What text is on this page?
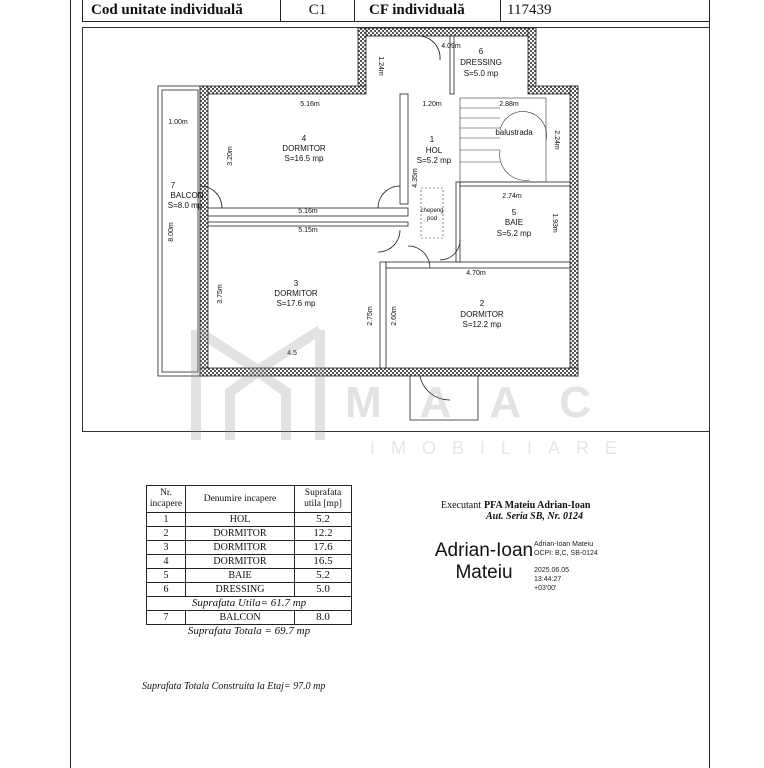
Cod unitate individuală	C1	CF individuală	117439
6
DRESSING
S=5.0 mp
4
DORMITOR
S=16.5 mp
1
HOL
S=5.2 mp
7
BALCON
S=8.0 mp
5
BAIE
S=5.2 mp
3
DORMITOR
S=17.6 mp	2
DORMITOR
S=12.2 mp
balustrada
chepeng
pod
4.09m
1.24m
5.16m	1.20m	2.88m
1.00m
3.20m
4.35m
2.24m
2.74m
5.16m
5.15m	1.93m
8.00m
4.70m
3.75m
2.75m 2.60m
4.5
MAAC
IMOBILIARE
Nr. incapere	Denumire incapere	Suprafata utila [mp]
1	HOL	5.2
2	DORMITOR	12.2
3	DORMITOR	17.6
4	DORMITOR	16.5
5	BAIE	5.2
6	DRESSING	5.0
Suprafata Utila= 61.7 mp		
7	BALCON	8.0
Suprafata Totala = 69.7 mp		
Suprafata Totala Construita la Etaj= 97.0 mp
Executant PFA Mateiu Adrian-Ioan
Aut. Seria SB, Nr. 0124
Adrian-Ioan
Mateiu
Adrian-Ioan Mateiu
OCPI: B,C, SB-0124
2025.06.05
13:44:27
+03'00'
